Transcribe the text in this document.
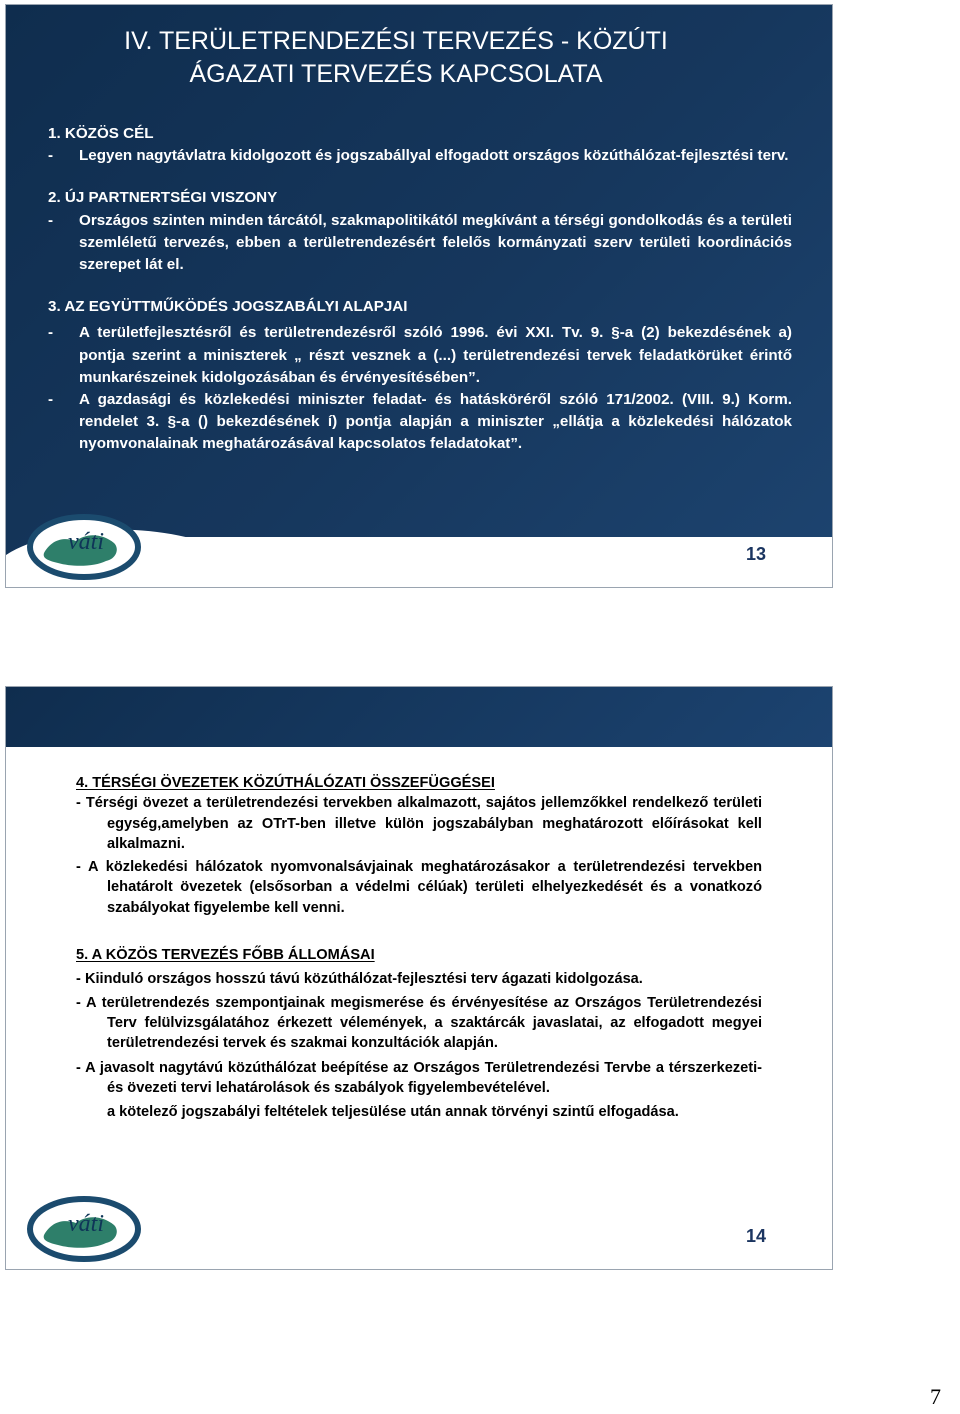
IV. TERÜLETRENDEZÉSI TERVEZÉS - KÖZÚTI
ÁGAZATI TERVEZÉS KAPCSOLATA

1. KÖZÖS CÉL

- Legyen nagytávlatra kidolgozott és jogszabállyal elfogadott országos közúthálózat-fejlesztési terv.

2. ÚJ PARTNERTSÉGI VISZONY

- Országos szinten minden tárcától, szakmapolitikától megkívánt a térségi gondolkodás és a területi szemléletű tervezés, ebben a területrendezésért felelős kormányzati szerv területi koordinációs szerepet lát el.

3. AZ EGYÜTTMŰKÖDÉS JOGSZABÁLYI ALAPJAI

- A területfejlesztésről és területrendezésről szóló 1996. évi XXI. Tv. 9. §-a (2) bekezdésének a) pontja szerint a miniszterek „ részt vesznek a (...) területrendezési tervek feladatkörüket érintő munkarészeinek kidolgozásában és érvényesítésében”.

- A gazdasági és közlekedési miniszter feladat- és hatásköréről szóló 171/2002. (VIII. 9.) Korm. rendelet 3. §-a () bekezdésének í) pontja alapján a miniszter „ellátja a közlekedési hálózatok nyomvonalainak meghatározásával kapcsolatos feladatokat”.

váti	13

4. TÉRSÉGI ÖVEZETEK KÖZÚTHÁLÓZATI ÖSSZEFÜGGÉSEI

- Térségi övezet a területrendezési tervekben alkalmazott, sajátos jellemzőkkel rendelkező területi egység,amelyben az OTrT-ben illetve külön jogszabályban meghatározott előírásokat kell alkalmazni.

- A közlekedési hálózatok nyomvonalsávjainak meghatározásakor a területrendezési tervekben lehatárolt övezetek (elsősorban a védelmi célúak) területi elhelyezkedését és a vonatkozó szabályokat figyelembe kell venni.

5. A KÖZÖS TERVEZÉS FŐBB ÁLLOMÁSAI

- Kiinduló országos hosszú távú közúthálózat-fejlesztési terv ágazati kidolgozása.

- A területrendezés szempontjainak megismerése és érvényesítése az Országos Területrendezési Terv felülvizsgálatához érkezett vélemények, a szaktárcák javaslatai, az elfogadott megyei területrendezési tervek és szakmai konzultációk alapján.

- A javasolt nagytávú közúthálózat beépítése az Országos Területrendezési Tervbe a térszerkezeti- és övezeti tervi lehatárolások és szabályok figyelembevételével.

a kötelező jogszabályi feltételek teljesülése után annak törvényi szintű elfogadása.

váti	14
7
